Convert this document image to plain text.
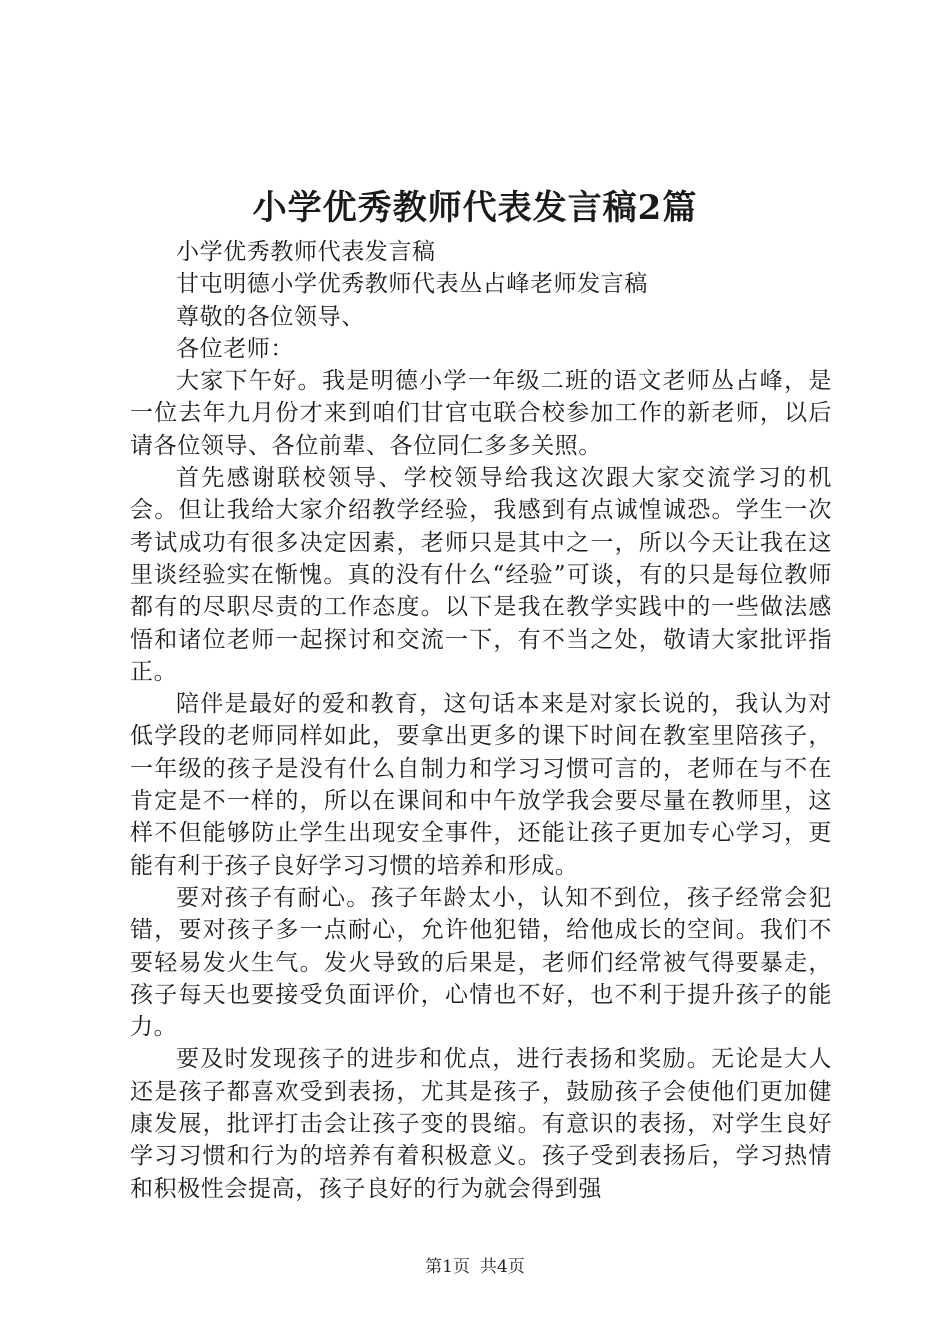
小学优秀教师代表发言稿2篇

小学优秀教师代表发言稿

甘屯明德小学优秀教师代表丛占峰老师发言稿

尊敬的各位领导、

各位老师：

大家下午好。我是明德小学一年级二班的语文老师丛占峰，是一位去年九月份才来到咱们甘官屯联合校参加工作的新老师，以后请各位领导、各位前辈、各位同仁多多关照。

首先感谢联校领导、学校领导给我这次跟大家交流学习的机会。但让我给大家介绍教学经验，我感到有点诚惶诚恐。学生一次考试成功有很多决定因素，老师只是其中之一，所以今天让我在这里谈经验实在惭愧。真的没有什么“经验”可谈，有的只是每位教师都有的尽职尽责的工作态度。以下是我在教学实践中的一些做法感悟和诸位老师一起探讨和交流一下，有不当之处，敬请大家批评指正。

陪伴是最好的爱和教育，这句话本来是对家长说的，我认为对低学段的老师同样如此，要拿出更多的课下时间在教室里陪孩子，一年级的孩子是没有什么自制力和学习习惯可言的，老师在与不在肯定是不一样的，所以在课间和中午放学我会要尽量在教师里，这样不但能够防止学生出现安全事件，还能让孩子更加专心学习，更能有利于孩子良好学习习惯的培养和形成。

要对孩子有耐心。孩子年龄太小，认知不到位，孩子经常会犯错，要对孩子多一点耐心，允许他犯错，给他成长的空间。我们不要轻易发火生气。发火导致的后果是，老师们经常被气得要暴走，孩子每天也要接受负面评价，心情也不好，也不利于提升孩子的能力。

要及时发现孩子的进步和优点，进行表扬和奖励。无论是大人还是孩子都喜欢受到表扬，尤其是孩子，鼓励孩子会使他们更加健康发展，批评打击会让孩子变的畏缩。有意识的表扬，对学生良好学习习惯和行为的培养有着积极意义。孩子受到表扬后，学习热情和积极性会提高，孩子良好的行为就会得到强

第1页 共4页
